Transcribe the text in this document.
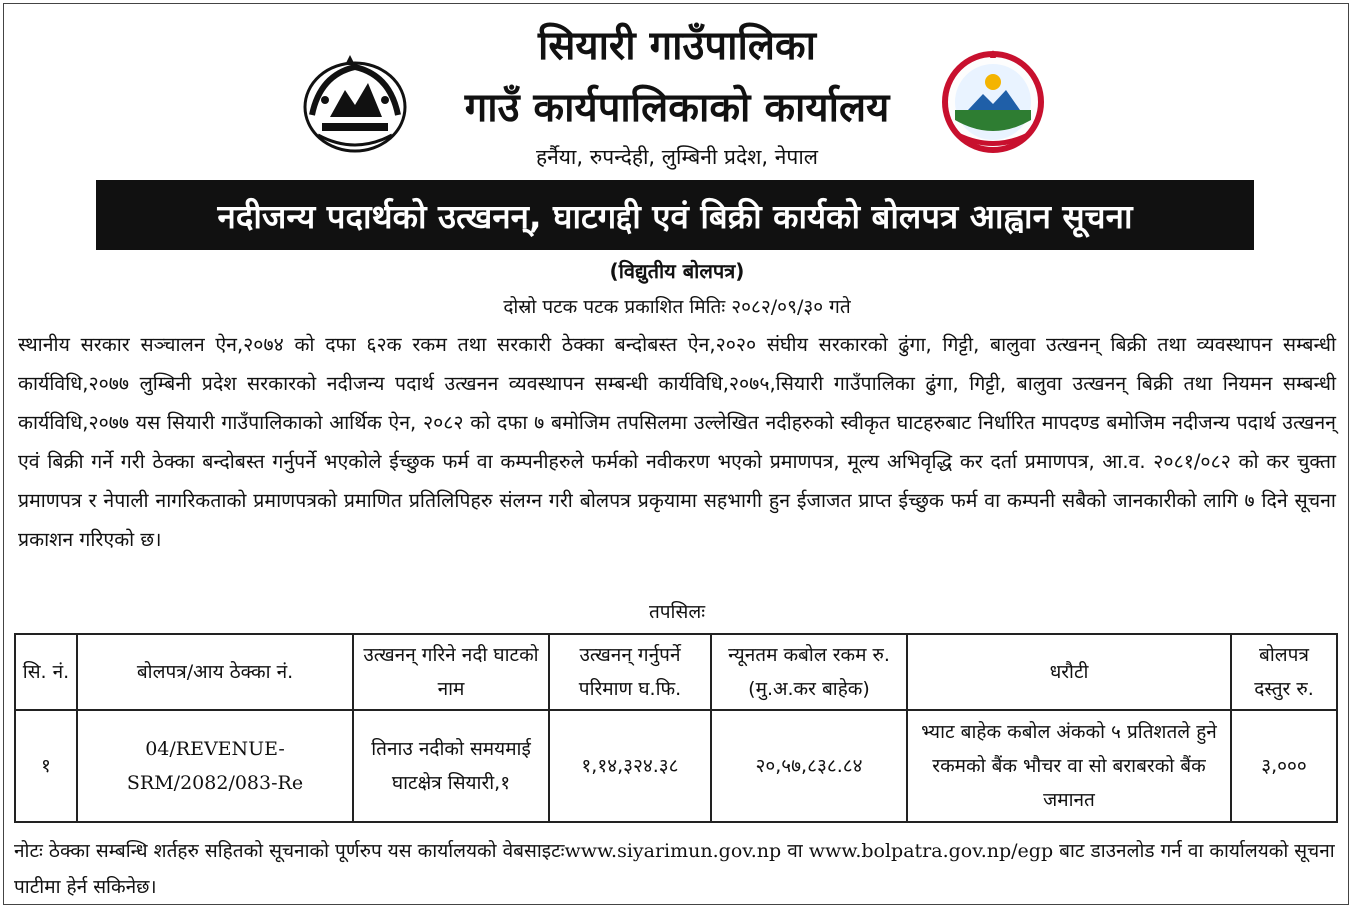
सियारी गाउँपालिका
गाउँ कार्यपालिकाको कार्यालय
हर्नैया, रुपन्देही, लुम्बिनी प्रदेश, नेपाल
नदीजन्य पदार्थको उत्खनन्, घाटगद्दी एवं बिक्री कार्यको बोलपत्र आह्वान सूचना
(विद्युतीय बोलपत्र)
दोस्रो पटक पटक प्रकाशित मितिः २०८२/०९/३० गते
स्थानीय सरकार सञ्चालन ऐन,२०७४ को दफा ६२क रकम तथा सरकारी ठेक्का बन्दोबस्त ऐन,२०२० संघीय सरकारको ढुंगा, गिट्टी, बालुवा उत्खनन् बिक्री तथा व्यवस्थापन सम्बन्धी कार्यविधि,२०७७ लुम्बिनी प्रदेश सरकारको नदीजन्य पदार्थ उत्खनन व्यवस्थापन सम्बन्धी कार्यविधि,२०७५,सियारी गाउँपालिका ढुंगा, गिट्टी, बालुवा उत्खनन् बिक्री तथा नियमन सम्बन्धी कार्यविधि,२०७७ यस सियारी गाउँपालिकाको आर्थिक ऐन, २०८२ को दफा ७ बमोजिम तपसिलमा उल्लेखित नदीहरुको स्वीकृत घाटहरुबाट निर्धारित मापदण्ड बमोजिम नदीजन्य पदार्थ उत्खनन् एवं बिक्री गर्ने गरी ठेक्का बन्दोबस्त गर्नुपर्ने भएकोले ईच्छुक फर्म वा कम्पनीहरुले फर्मको नवीकरण भएको प्रमाणपत्र, मूल्य अभिवृद्धि कर दर्ता प्रमाणपत्र, आ.व. २०८१/०८२ को कर चुक्ता प्रमाणपत्र र नेपाली नागरिकताको प्रमाणपत्रको प्रमाणित प्रतिलिपिहरु संलग्न गरी बोलपत्र प्रकृयामा सहभागी हुन ईजाजत प्राप्त ईच्छुक फर्म वा कम्पनी सबैको जानकारीको लागि ७ दिने सूचना प्रकाशन गरिएको छ।
तपसिलः
सि. नं.	बोलपत्र/आय ठेक्का नं.	उत्खनन् गरिने नदी घाटको नाम	उत्खनन् गर्नुपर्ने परिमाण घ.फि.	न्यूनतम कबोल रकम रु. (मु.अ.कर बाहेक)	धरौटी	बोलपत्र दस्तुर रु.
१	04/REVENUE-SRM/2082/083-Re	तिनाउ नदीको समयमाई घाटक्षेत्र सियारी,१	१,१४,३२४.३८	२०,५७,८३८.८४	भ्याट बाहेक कबोल अंकको ५ प्रतिशतले हुने रकमको बैंक भौचर वा सो बराबरको बैंक जमानत	३,०००
नोटः ठेक्का सम्बन्धि शर्तहरु सहितको सूचनाको पूर्णरुप यस कार्यालयको वेबसाइटःwww.siyarimun.gov.np वा www.bolpatra.gov.np/egp बाट डाउनलोड गर्न वा कार्यालयको सूचना पाटीमा हेर्न सकिनेछ।
